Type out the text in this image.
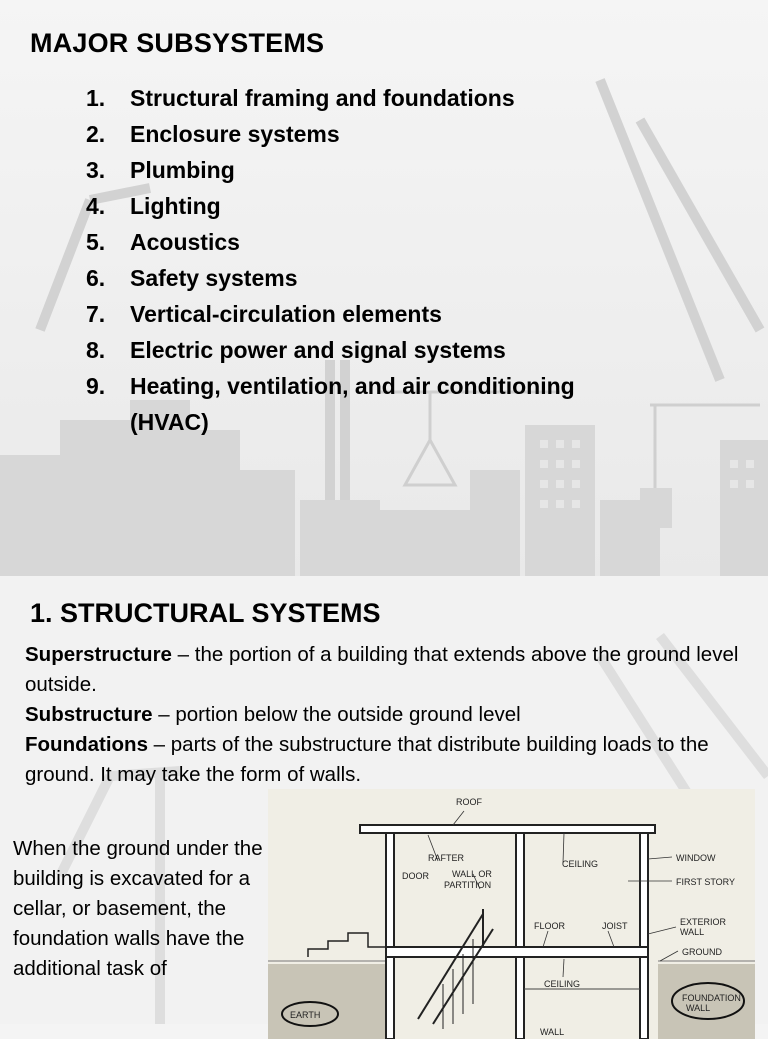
MAJOR SUBSYSTEMS
1.	Structural framing and foundations
2.	Enclosure systems
3.	Plumbing
4.	Lighting
5.	Acoustics
6.	Safety systems
7.	Vertical-circulation elements
8.	Electric power and signal systems
9.	Heating, ventilation, and air conditioning (HVAC)
1. STRUCTURAL SYSTEMS

Superstructure – the portion of a building that extends above the ground level outside.

Substructure – portion below the outside ground level

Foundations – parts of the substructure that distribute building loads to the ground. It may take the form of walls.

When the ground under the building is excavated for a cellar, or basement, the foundation walls have the additional task of
ROOF
RAFTER
DOOR	WALL OR
PARTITION
CEILING
WINDOW
FIRST STORY
FLOOR	JOIST	EXTERIOR
WALL
GROUND
CEILING
FOUNDATION
WALL
EARTH
WALL
